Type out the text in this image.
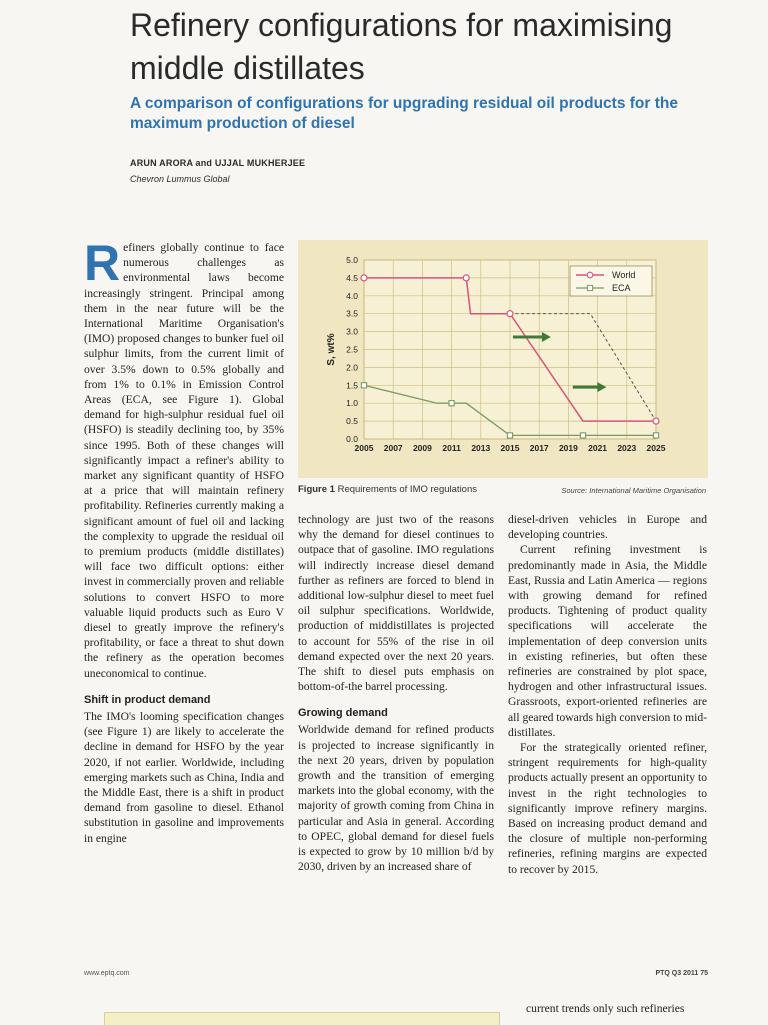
Refinery configurations for maximising middle distillates
A comparison of configurations for upgrading residual oil products for the maximum production of diesel
ARUN ARORA and UJJAL MUKHERJEE
Chevron Lummus Global

Refiners globally continue to face numerous challenges as environmental laws become increasingly stringent. Principal among them in the near future will be the International Maritime Organisation's (IMO) proposed changes to bunker fuel oil sulphur limits, from the current limit of over 3.5% down to 0.5% globally and from 1% to 0.1% in Emission Control Areas (ECA, see Figure 1). Global demand for high-sulphur residual fuel oil (HSFO) is steadily declining too, by 35% since 1995. Both of these changes will significantly impact a refiner's ability to market any significant quantity of HSFO at a price that will maintain refinery profitability. Refineries currently making a significant amount of fuel oil and lacking the complexity to upgrade the residual oil to premium products (middle distillates) will face two difficult options: either invest in commercially proven and reliable solutions to convert HSFO to more valuable liquid products such as Euro V diesel to greatly improve the refinery's profitability, or face a threat to shut down the refinery as the operation becomes uneconomical to continue.

Shift in product demand

The IMO's looming specification changes (see Figure 1) are likely to accelerate the decline in demand for HSFO by the year 2020, if not earlier. Worldwide, including emerging markets such as China, India and the Middle East, there is a shift in product demand from gasoline to diesel. Ethanol substitution in gasoline and improvements in engine

0.0
0.5
1.0
1.5
2.0
2.5
3.0
3.5
4.0
4.5
5.0
2005 2007 2009 2011 2013 2015 2017 2019 2021 2023 2025
S, wt%
World
ECA
Figure 1 Requirements of IMO regulations	Source: International Maritime Organisation

technology are just two of the reasons why the demand for diesel continues to outpace that of gasoline. IMO regulations will indirectly increase diesel demand further as refiners are forced to blend in additional low-sulphur diesel to meet fuel oil sulphur specifications. Worldwide, production of middistillates is projected to account for 55% of the rise in oil demand expected over the next 20 years. The shift to diesel puts emphasis on bottom-of-the barrel processing.

Growing demand

Worldwide demand for refined products is projected to increase significantly in the next 20 years, driven by population growth and the transition of emerging markets into the global economy, with the majority of growth coming from China in particular and Asia in general. According to OPEC, global demand for diesel fuels is expected to grow by 10 million b/d by 2030, driven by an increased share of

diesel-driven vehicles in Europe and developing countries.

Current refining investment is predominantly made in Asia, the Middle East, Russia and Latin America — regions with growing demand for refined products. Tightening of product quality specifications will accelerate the implementation of deep conversion units in existing refineries, but often these refineries are constrained by plot space, hydrogen and other infrastructural issues. Grassroots, export-oriented refineries are all geared towards high conversion to mid-distillates.

For the strategically oriented refiner, stringent requirements for high-quality products actually present an opportunity to invest in the right technologies to significantly improve refinery margins. Based on increasing product demand and the closure of multiple non-performing refineries, refining margins are expected to recover by 2015.

www.eptq.com	PTQ Q3 2011 75
current trends only such refineries
